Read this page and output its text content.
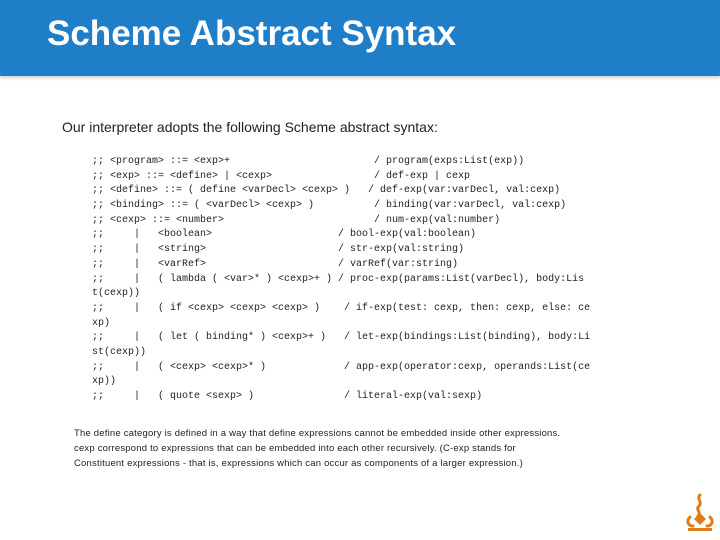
Scheme Abstract Syntax
Our interpreter adopts the following Scheme abstract syntax:
;; <program> ::= <exp>+                        / program(exps:List(exp))
;; <exp> ::= <define> | <cexp>                 / def-exp | cexp
;; <define> ::= ( define <varDecl> <cexp> )   / def-exp(var:varDecl, val:cexp)
;; <binding> ::= ( <varDecl> <cexp> )          / binding(var:varDecl, val:cexp)
;; <cexp> ::= <number>                         / num-exp(val:number)
;;     |   <boolean>                     / bool-exp(val:boolean)
;;     |   <string>                      / str-exp(val:string)
;;     |   <varRef>                      / varRef(var:string)
;;     |   ( lambda ( <var>* ) <cexp>+ ) / proc-exp(params:List(varDecl), body:Lis
t(cexp))
;;     |   ( if <cexp> <cexp> <cexp> )    / if-exp(test: cexp, then: cexp, else: ce
xp)
;;     |   ( let ( binding* ) <cexp>+ )   / let-exp(bindings:List(binding), body:Li
st(cexp))
;;     |   ( <cexp> <cexp>* )             / app-exp(operator:cexp, operands:List(ce
xp))
;;     |   ( quote <sexp> )               / literal-exp(val:sexp)
The define category is defined in a way that define expressions cannot be embedded inside other expressions. cexp correspond to expressions that can be embedded into each other recursively. (C-exp stands for Constituent expressions - that is, expressions which can occur as components of a larger expression.)
